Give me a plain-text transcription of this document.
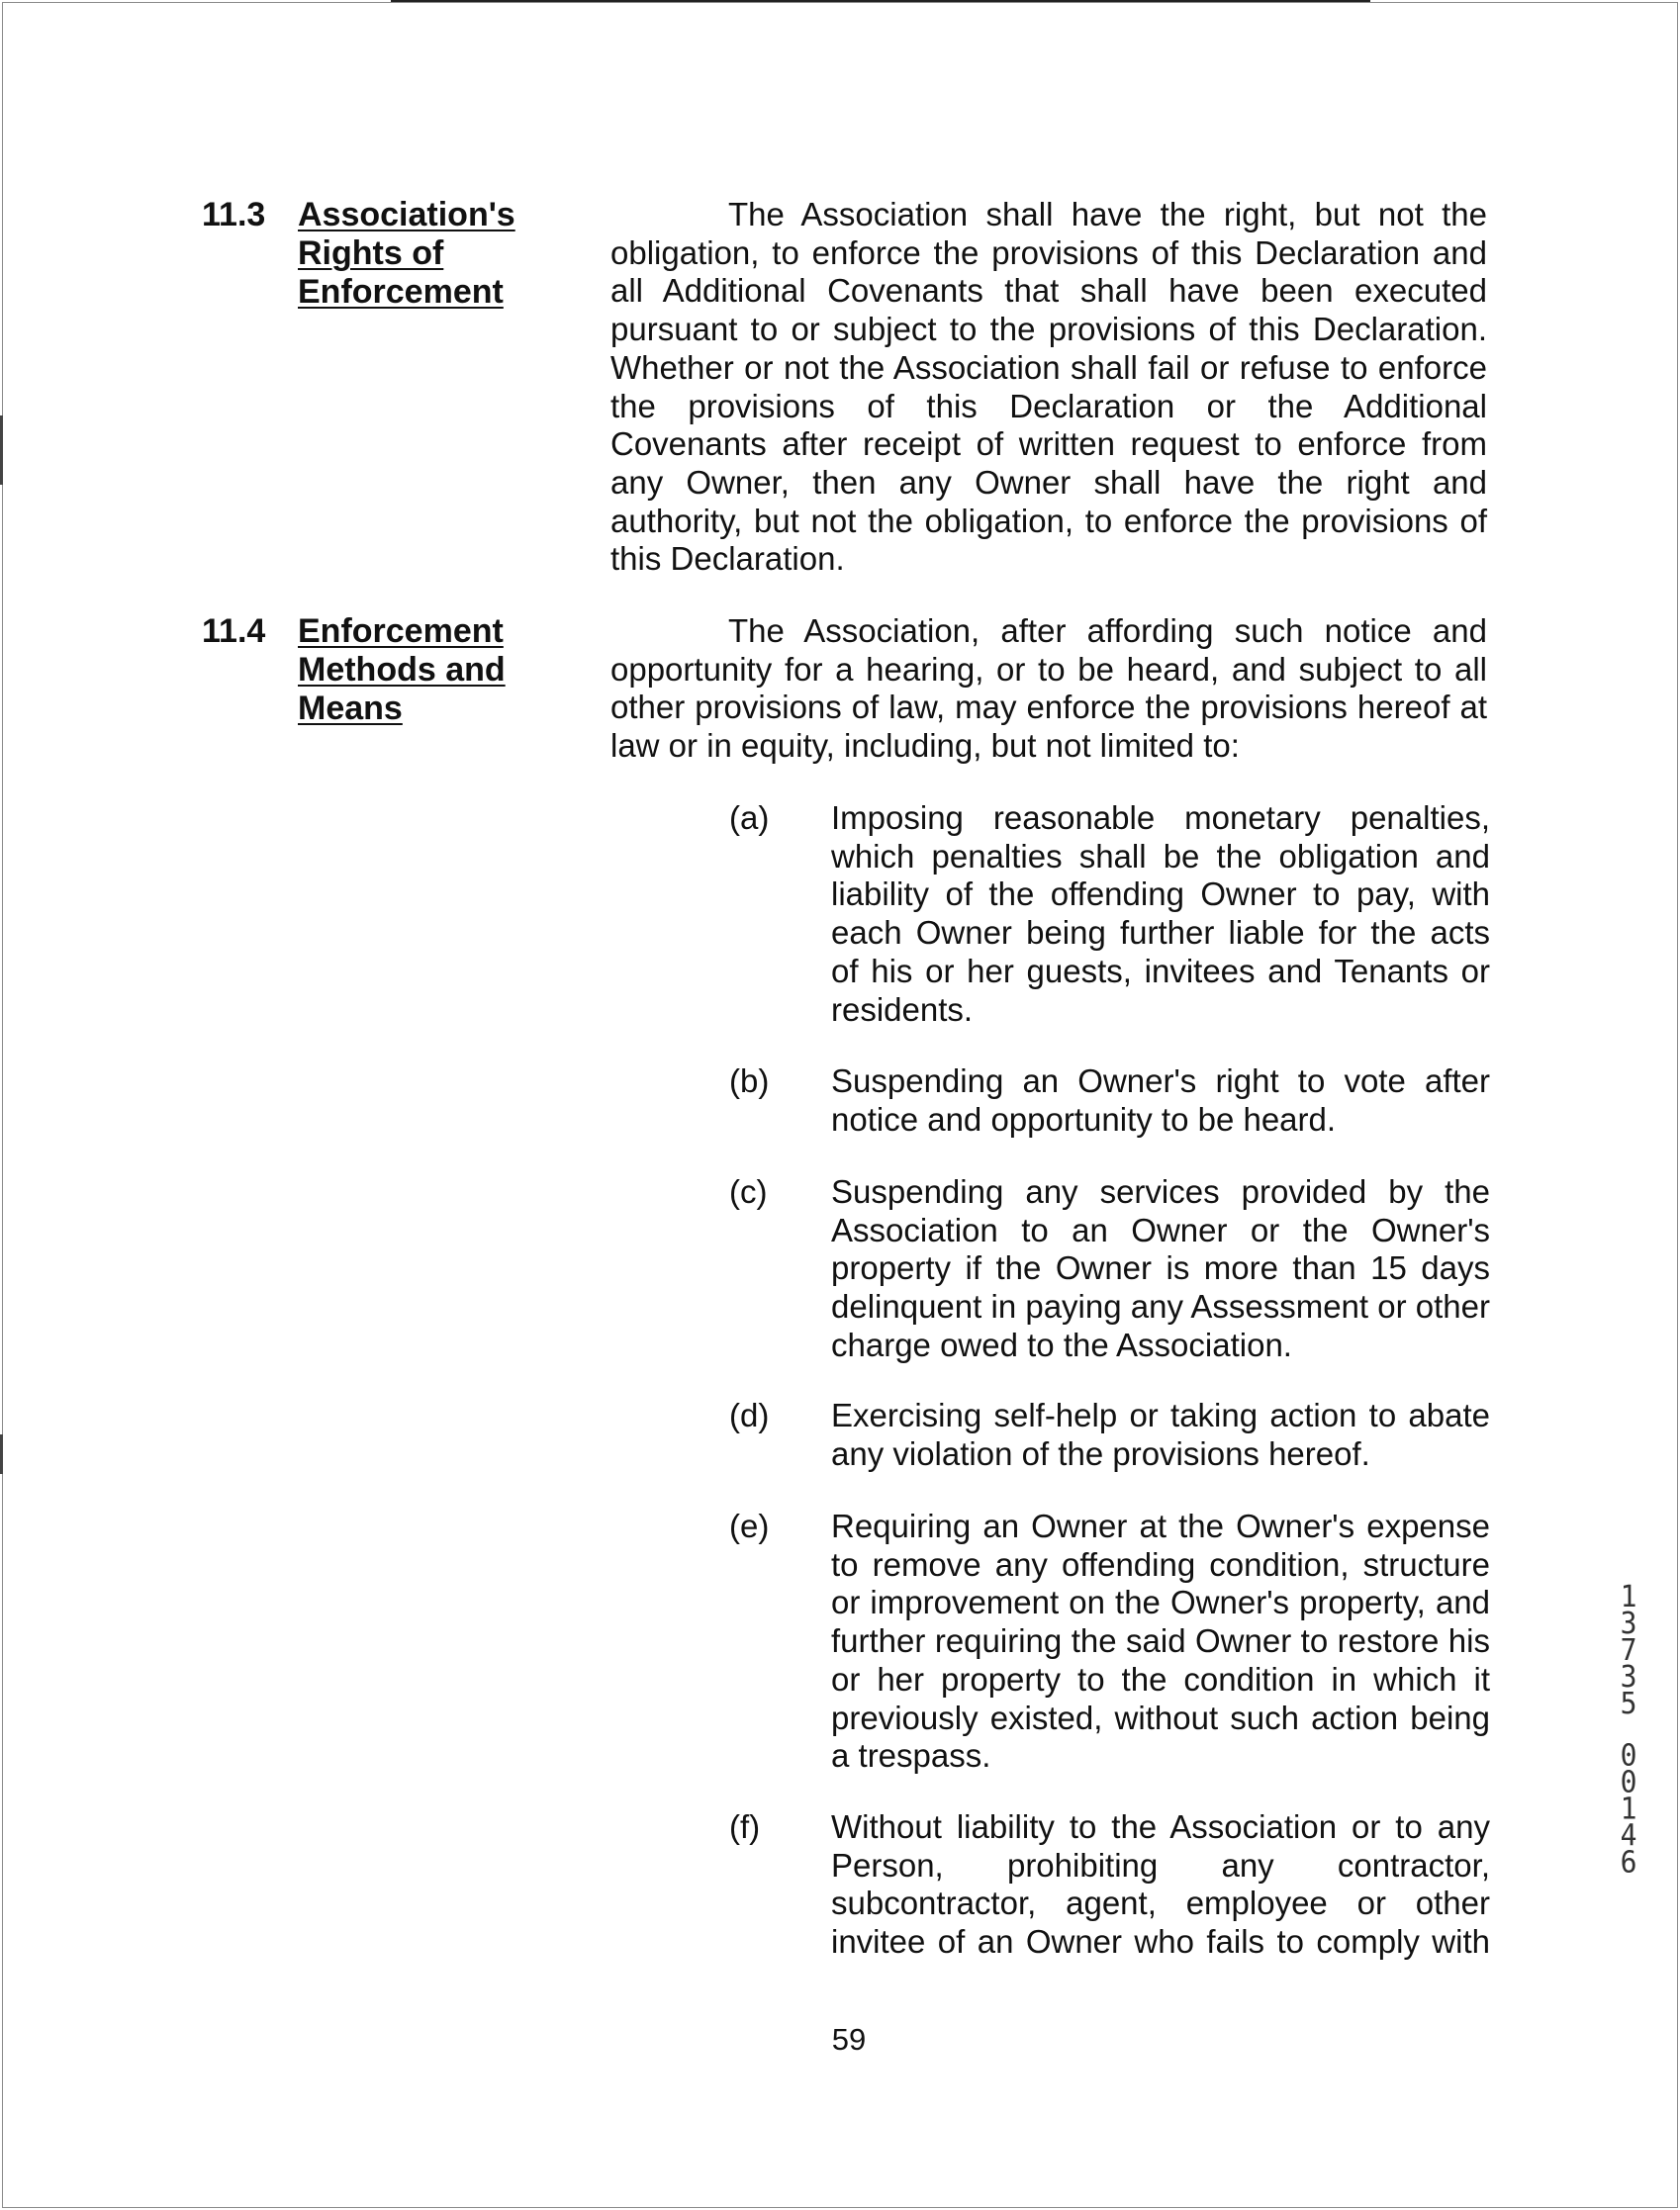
11.3 Association's Rights of Enforcement
The Association shall have the right, but not the obligation, to enforce the provisions of this Declaration and all Additional Covenants that shall have been executed pursuant to or subject to the provisions of this Declaration. Whether or not the Association shall fail or refuse to enforce the provisions of this Declaration or the Additional Covenants after receipt of written request to enforce from any Owner, then any Owner shall have the right and authority, but not the obligation, to enforce the provisions of this Declaration.
11.4 Enforcement Methods and Means
The Association, after affording such notice and opportunity for a hearing, or to be heard, and subject to all other provisions of law, may enforce the provisions hereof at law or in equity, including, but not limited to:
(a) Imposing reasonable monetary penalties, which penalties shall be the obligation and liability of the offending Owner to pay, with each Owner being further liable for the acts of his or her guests, invitees and Tenants or residents.
(b) Suspending an Owner's right to vote after notice and opportunity to be heard.
(c) Suspending any services provided by the Association to an Owner or the Owner's property if the Owner is more than 15 days delinquent in paying any Assessment or other charge owed to the Association.
(d) Exercising self-help or taking action to abate any violation of the provisions hereof.
(e) Requiring an Owner at the Owner's expense to remove any offending condition, structure or improvement on the Owner's property, and further requiring the said Owner to restore his or her property to the condition in which it previously existed, without such action being a trespass.
(f) Without liability to the Association or to any Person, prohibiting any contractor, subcontractor, agent, employee or other invitee of an Owner who fails to comply with
59
1
3
7
3
5
0
0
1
4
6
